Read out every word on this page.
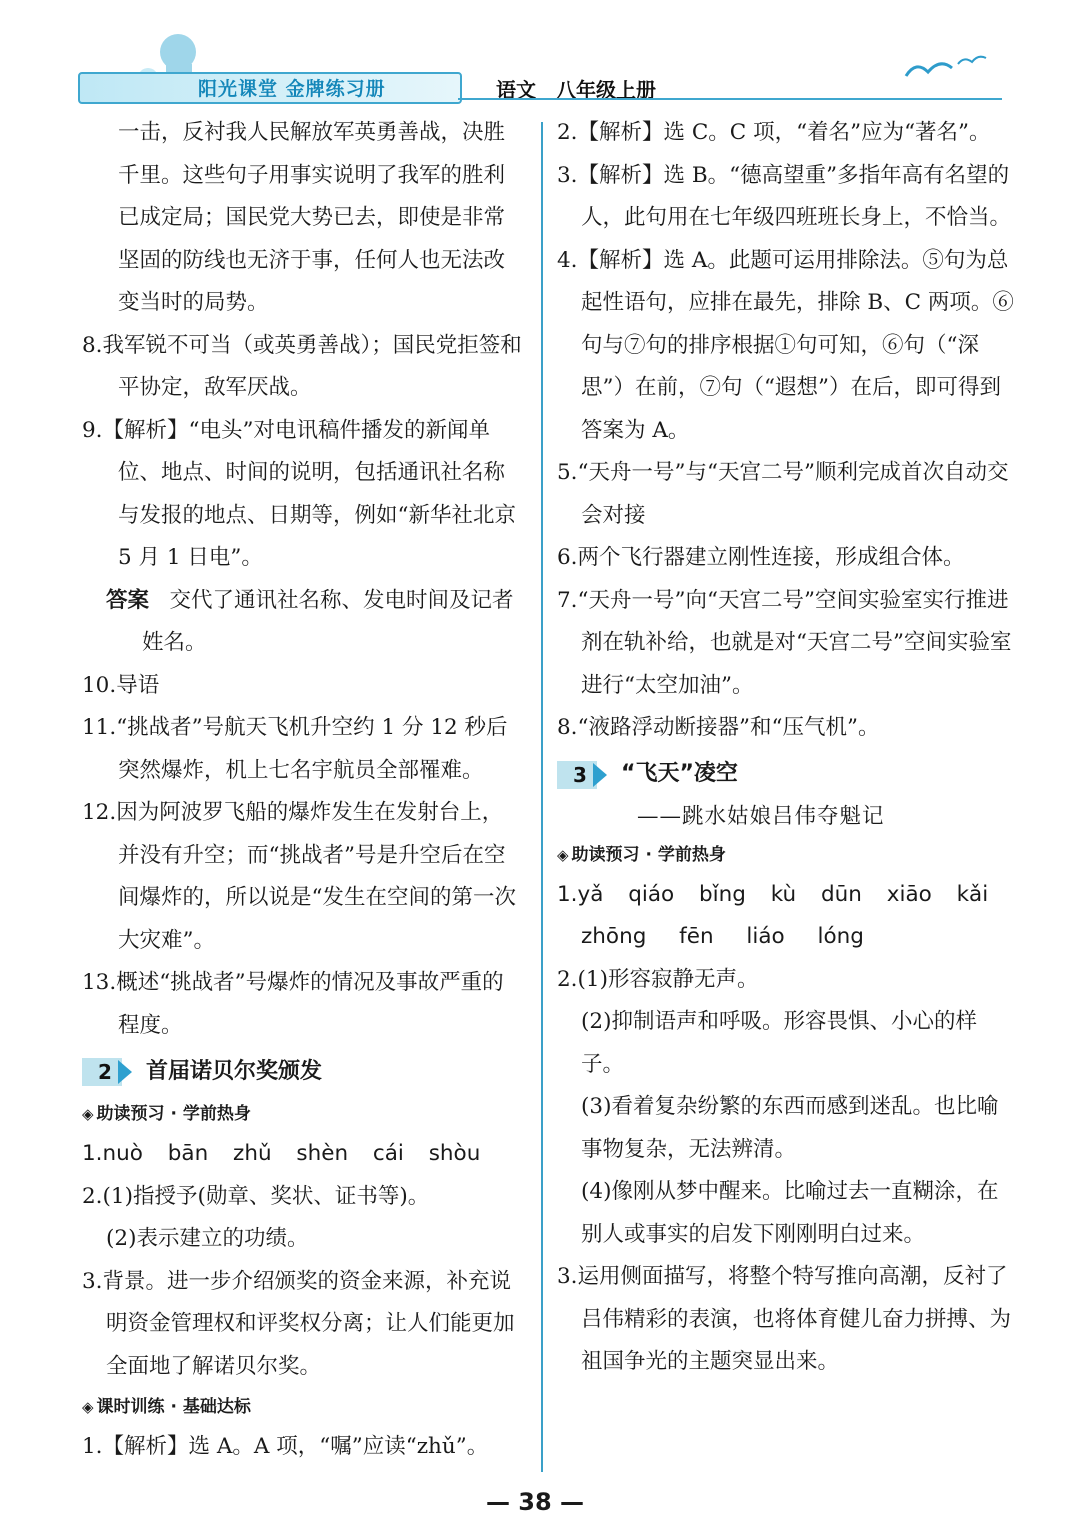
阳光课堂 金牌练习册	语文 八年级上册

一击，反衬我人民解放军英勇善战，决胜千里。这些句子用事实说明了我军的胜利已成定局；国民党大势已去，即使是非常坚固的防线也无济于事，任何人也无法改变当时的局势。

8.我军锐不可当（或英勇善战）；国民党拒签和平协定，敌军厌战。

9.【解析】“电头”对电讯稿件播发的新闻单位、地点、时间的说明，包括通讯社名称与发报的地点、日期等，例如“新华社北京 5 月 1 日电”。

答案 交代了通讯社名称、发电时间及记者姓名。

10.导语

11.“挑战者”号航天飞机升空约 1 分 12 秒后突然爆炸，机上七名宇航员全部罹难。

12.因为阿波罗飞船的爆炸发生在发射台上，并没有升空；而“挑战者”号是升空后在空间爆炸的，所以说是“发生在空间的第一次大灾难”。

13.概述“挑战者”号爆炸的情况及事故严重的程度。

2 首届诺贝尔奖颁发
◈ 助读预习 · 学前热身

1.nuò bān zhǔ shèn cái shòu

2.(1)指授予(勋章、奖状、证书等)。

(2)表示建立的功绩。

3.背景。进一步介绍颁奖的资金来源，补充说明资金管理权和评奖权分离；让人们能更加全面地了解诺贝尔奖。

◈ 课时训练 · 基础达标

1.【解析】选 A。A 项，“嘱”应读“zhǔ”。

2.【解析】选 C。C 项，“着名”应为“著名”。

3.【解析】选 B。“德高望重”多指年高有名望的人，此句用在七年级四班班长身上，不恰当。

4.【解析】选 A。此题可运用排除法。⑤句为总起性语句，应排在最先，排除 B、C 两项。⑥句与⑦句的排序根据①句可知，⑥句（“深思”）在前，⑦句（“遐想”）在后，即可得到答案为 A。

5.“天舟一号”与“天宫二号”顺利完成首次自动交会对接

6.两个飞行器建立刚性连接，形成组合体。

7.“天舟一号”向“天宫二号”空间实验室实行推进剂在轨补给，也就是对“天宫二号”空间实验室进行“太空加油”。

8.“液路浮动断接器”和“压气机”。

3 “飞天”凌空

——跳水姑娘吕伟夺魁记

◈ 助读预习 · 学前热身

1.yǎ qiáo bǐng kù dūn xiāo kǎi

zhōng fēn liáo lóng

2.(1)形容寂静无声。

(2)抑制语声和呼吸。形容畏惧、小心的样子。

(3)看着复杂纷繁的东西而感到迷乱。也比喻事物复杂，无法辨清。

(4)像刚从梦中醒来。比喻过去一直糊涂，在别人或事实的启发下刚刚明白过来。

3.运用侧面描写，将整个特写推向高潮，反衬了吕伟精彩的表演，也将体育健儿奋力拼搏、为祖国争光的主题突显出来。

— 38 —
